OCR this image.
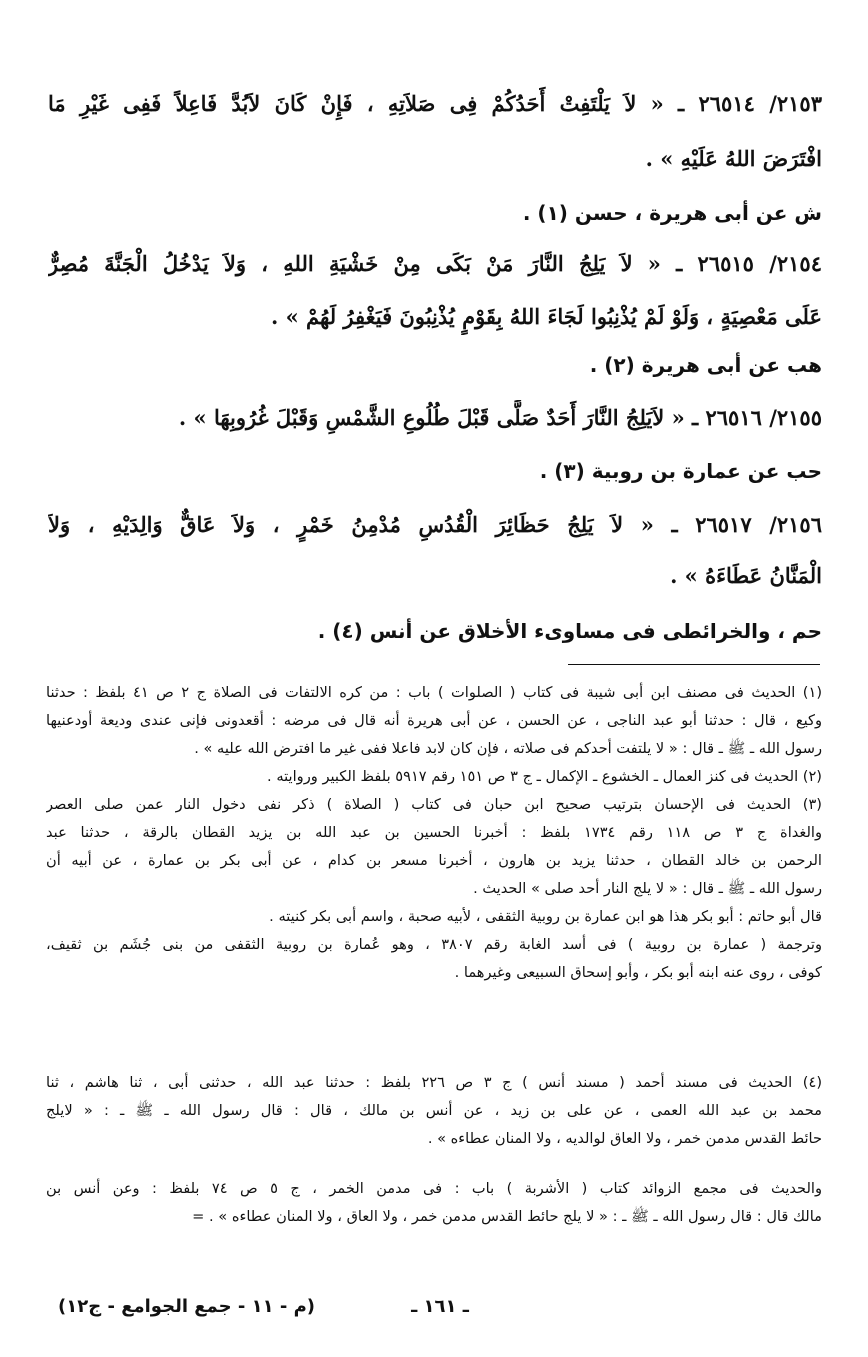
٢١٥٣/ ٢٦٥١٤ ـ « لاَ يَلْتَفِتْ أَحَدُكُمْ فِى صَلاَتِهِ ، فَإِنْ كَانَ لاَبُدَّ فَاعِلاً فَفِى غَيْرِ مَا
افْتَرَضَ اللهُ عَلَيْهِ » .
ش عن أبى هريرة ، حسن (١) .
٢١٥٤/ ٢٦٥١٥ ـ « لاَ يَلِجُ النَّارَ مَنْ بَكَى مِنْ خَشْيَةِ اللهِ ، وَلاَ يَدْخُلُ الْجَنَّةَ مُصِرٌّ
عَلَى مَعْصِيَةٍ ، وَلَوْ لَمْ يُذْنِبُوا لَجَاءَ اللهُ بِقَوْمٍ يُذْنِبُونَ فَيَغْفِرُ لَهُمْ » .
هب عن أبى هريرة (٢) .
٢١٥٥/ ٢٦٥١٦ ـ « لاَيَلِجُ النَّارَ أَحَدٌ صَلَّى قَبْلَ طُلُوعِ الشَّمْسِ وَقَبْلَ غُرُوبِهَا » .
حب عن عمارة بن روبية (٣) .
٢١٥٦/ ٢٦٥١٧ ـ « لاَ يَلِجُ حَظَائِرَ الْقُدُسِ مُدْمِنُ خَمْرٍ ، وَلاَ عَاقٌّ وَالِدَيْهِ ، وَلاَ
الْمَنَّانُ عَطَاءَهُ » .
حم ، والخرائطى فى مساوىء الأخلاق عن أنس (٤) .
(١) الحديث فى مصنف ابن أبى شيبة فى كتاب ( الصلوات ) باب : من كره الالتفات فى الصلاة ج ٢ ص ٤١ بلفظ : حدثنا
وكيع ، قال : حدثنا أبو عبد الناجى ، عن الحسن ، عن أبى هريرة أنه قال فى مرضه : أقعدونى فإنى عندى وديعة أودعنيها
رسول الله ـ ﷺ ـ قال : « لا يلتفت أحدكم فى صلاته ، فإن كان لابد فاعلا ففى غير ما افترض الله عليه » .
(٢) الحديث فى كنز العمال ـ الخشوع ـ الإكمال ـ ج ٣ ص ١٥١ رقم ٥٩١٧ بلفظ الكبير وروايته .
(٣) الحديث فى الإحسان بترتيب صحيح ابن حبان فى كتاب ( الصلاة ) ذكر نفى دخول النار عمن صلى العصر
والغداة ج ٣ ص ١١٨ رقم ١٧٣٤ بلفظ : أخبرنا الحسين بن عبد الله بن يزيد القطان بالرقة ، حدثنا عبد
الرحمن بن خالد القطان ، حدثنا يزيد بن هارون ، أخبرنا مسعر بن كدام ، عن أبى بكر بن عمارة ، عن أبيه أن
رسول الله ـ ﷺ ـ قال : « لا يلج النار أحد صلى » الحديث .
قال أبو حاتم : أبو بكر هذا هو ابن عمارة بن روبية الثقفى ، لأبيه صحبة ، واسم أبى بكر كنيته .
وترجمة ( عمارة بن روبية ) فى أسد الغابة رقم ٣٨٠٧ ، وهو عُمارة بن روبية الثقفى من بنى جُشَم بن ثقيف،
كوفى ، روى عنه ابنه أبو بكر ، وأبو إسحاق السبيعى وغيرهما .
(٤) الحديث فى مسند أحمد ( مسند أنس ) ج ٣ ص ٢٢٦ بلفظ : حدثنا عبد الله ، حدثنى أبى ، ثنا هاشم ، ثنا
محمد بن عبد الله العمى ، عن على بن زيد ، عن أنس بن مالك ، قال : قال رسول الله ـ ﷺ ـ : « لايلج
حائط القدس مدمن خمر ، ولا العاق لوالديه ، ولا المنان عطاءه » .
والحديث فى مجمع الزوائد كتاب ( الأشربة ) باب : فى مدمن الخمر ، ج ٥ ص ٧٤ بلفظ : وعن أنس بن
مالك قال : قال رسول الله ـ ﷺ ـ : « لا يلج حائط القدس مدمن خمر ، ولا العاق ، ولا المنان عطاءه » . =
ـ ١٦١ ـ
(م - ١١ - جمع الجوامع - ج١٢)
